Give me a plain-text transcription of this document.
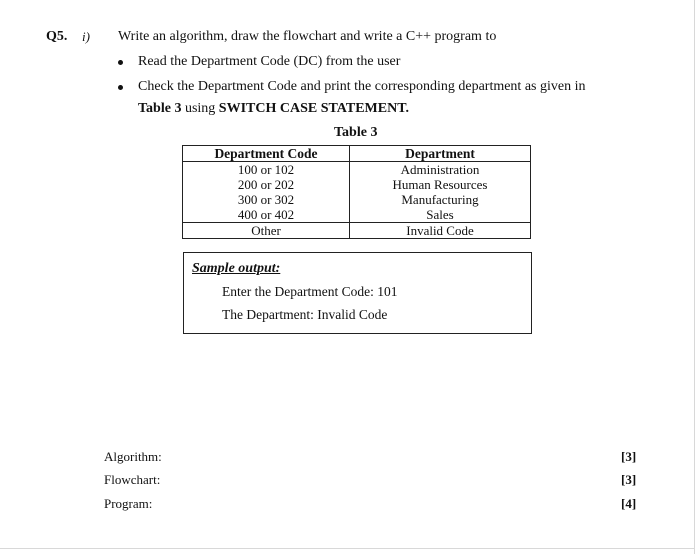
Q5. i) Write an algorithm, draw the flowchart and write a C++ program to
Read the Department Code (DC) from the user
Check the Department Code and print the corresponding department as given in
Table 3 using SWITCH CASE STATEMENT.
Table 3
Department Code	Department
100 or 102	Administration
200 or 202	Human Resources
300 or 302	Manufacturing
400 or 402	Sales
Other	Invalid Code
Sample output:
Enter the Department Code: 101
The Department: Invalid Code
Algorithm:	[3]
Flowchart:	[3]
Program:	[4]
